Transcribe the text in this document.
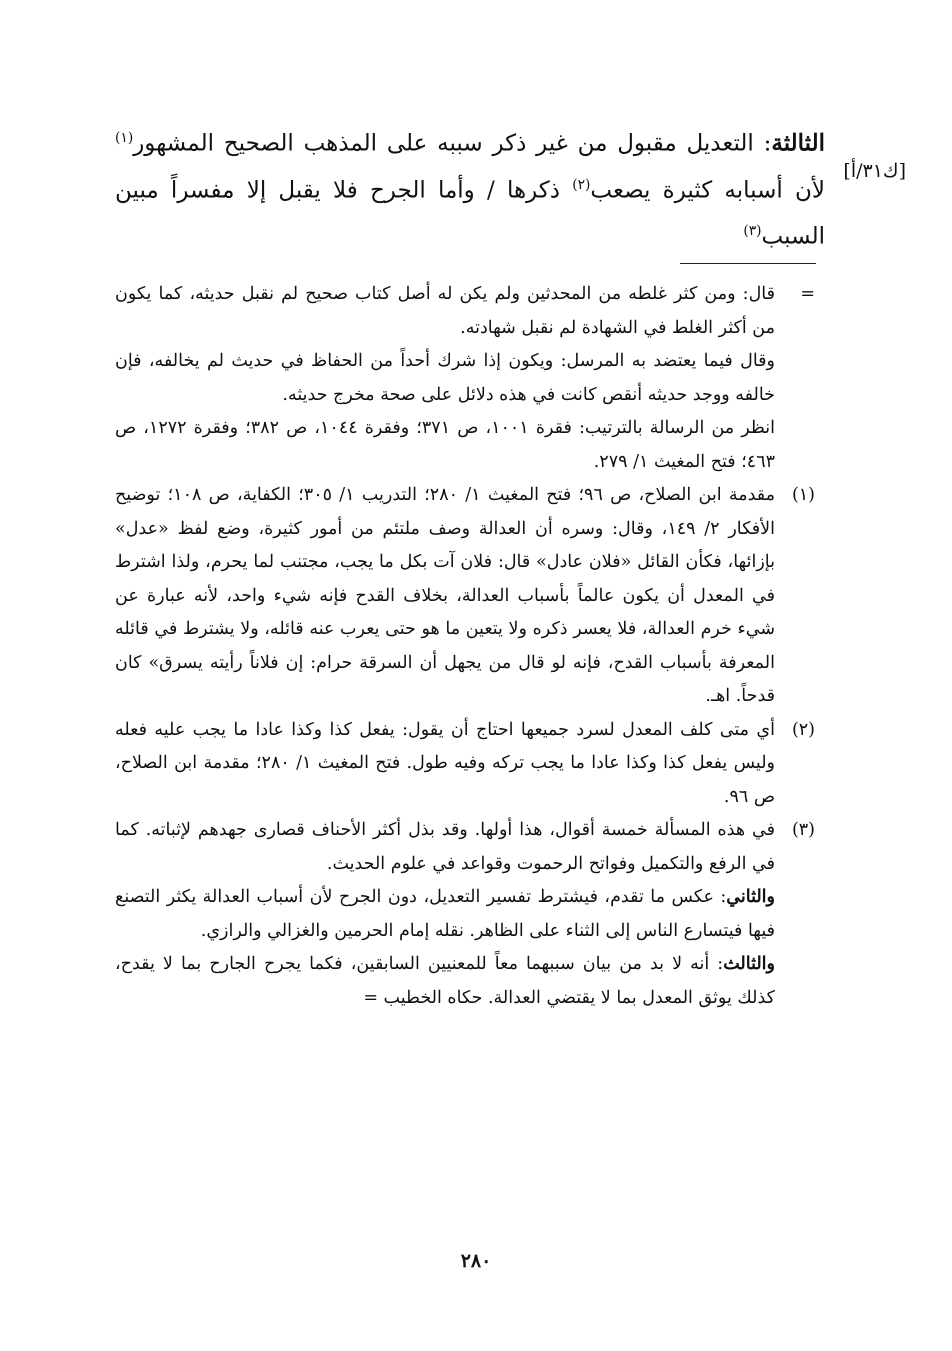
[ك٣١/أ]

الثالثة: التعديل مقبول من غير ذكر سببه على المذهب الصحيح المشهور$^{(١)}$ لأن أسبابه كثيرة يصعب$^{(٢)}$ ذكرها / وأما الجرح فلا يقبل إلا مفسراً مبين السبب$^{(٣)}$

=

قال: ومن كثر غلطه من المحدثين ولم يكن له أصل كتاب صحيح لم نقبل حديثه، كما يكون من أكثر الغلط في الشهادة لم نقبل شهادته.

وقال فيما يعتضد به المرسل: ويكون إذا شرك أحداً من الحفاظ في حديث لم يخالفه، فإن خالفه ووجد حديثه أنقص كانت في هذه دلائل على صحة مخرج حديثه.

انظر من الرسالة بالترتيب: فقرة ١٠٠١، ص ٣٧١؛ وفقرة ١٠٤٤، ص ٣٨٢؛ وفقرة ١٢٧٢، ص ٤٦٣؛ فتح المغيث ١/ ٢٧٩.

(١)

مقدمة ابن الصلاح، ص ٩٦؛ فتح المغيث ١/ ٢٨٠؛ التدريب ١/ ٣٠٥؛ الكفاية، ص ١٠٨؛ توضيح الأفكار ٢/ ١٤٩، وقال: وسره أن العدالة وصف ملتئم من أمور كثيرة، وضع لفظ «عدل» بإزائها، فكأن القائل «فلان عادل» قال: فلان آت بكل ما يجب، مجتنب لما يحرم، ولذا اشترط في المعدل أن يكون عالماً بأسباب العدالة، بخلاف القدح فإنه شيء واحد، لأنه عبارة عن شيء خرم العدالة، فلا يعسر ذكره ولا يتعين ما هو حتى يعرب عنه قائله، ولا يشترط في قائله المعرفة بأسباب القدح، فإنه لو قال من يجهل أن السرقة حرام: إن فلاناً رأيته يسرق» كان قدحاً. اهـ.

(٢)

أي متى كلف المعدل لسرد جميعها احتاج أن يقول: يفعل كذا وكذا عادا ما يجب عليه فعله وليس يفعل كذا وكذا عادا ما يجب تركه وفيه طول. فتح المغيث ١/ ٢٨٠؛ مقدمة ابن الصلاح، ص ٩٦.

(٣)

في هذه المسألة خمسة أقوال، هذا أولها. وقد بذل أكثر الأحناف قصارى جهدهم لإثباته. كما في الرفع والتكميل وفواتح الرحموت وقواعد في علوم الحديث.

والثاني: عكس ما تقدم، فيشترط تفسير التعديل، دون الجرح لأن أسباب العدالة يكثر التصنع فيها فيتسارع الناس إلى الثناء على الظاهر. نقله إمام الحرمين والغزالي والرازي.

والثالث: أنه لا بد من بيان سببهما معاً للمعنيين السابقين، فكما يجرح الجارح بما لا يقدح، كذلك يوثق المعدل بما لا يقتضي العدالة. حكاه الخطيب =

٢٨٠
